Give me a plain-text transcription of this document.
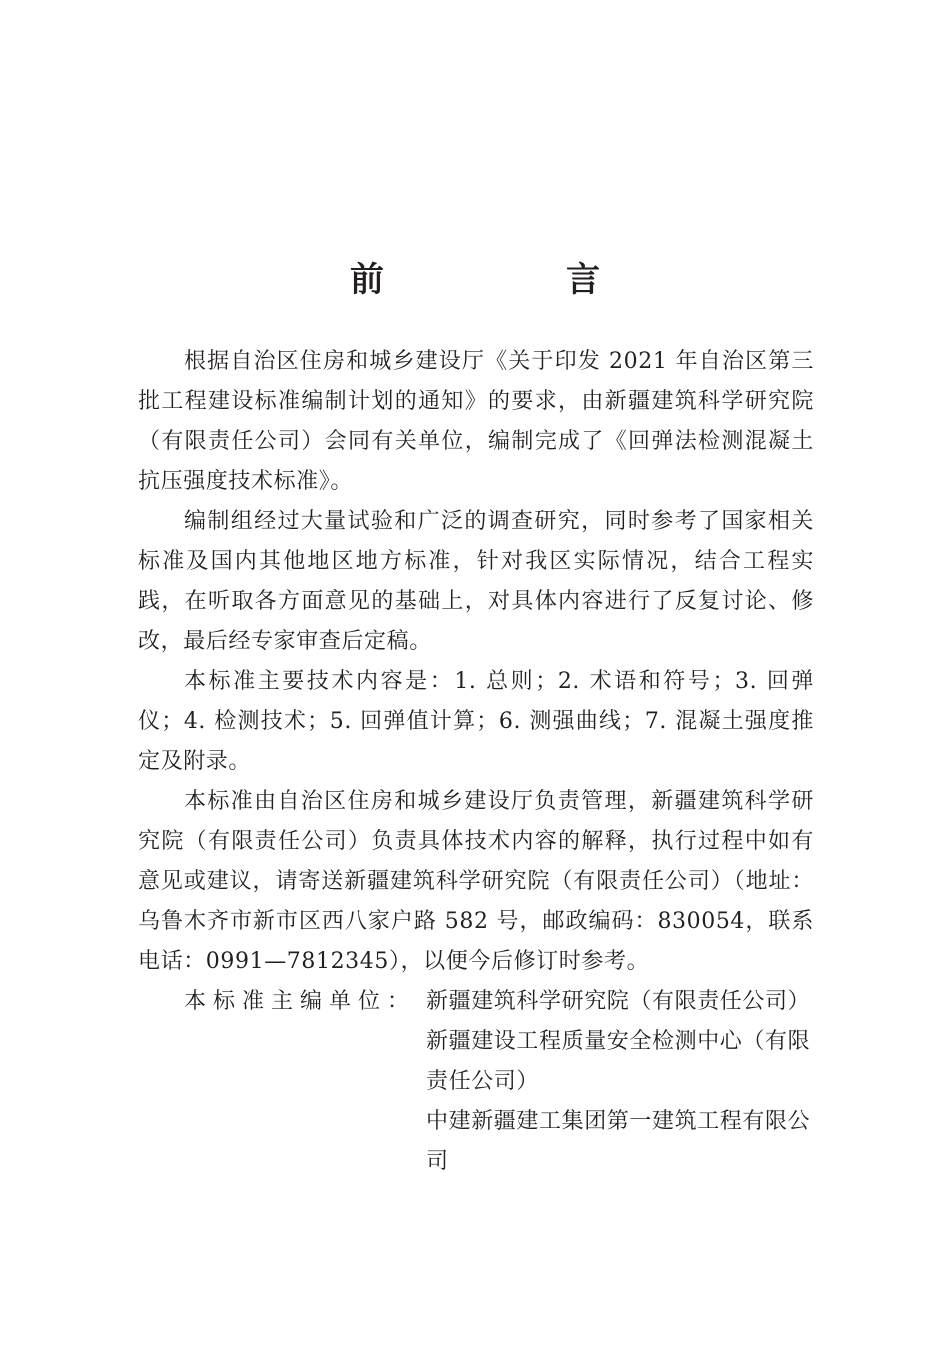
前　言

根据自治区住房和城乡建设厅《关于印发 2021 年自治区第三批工程建设标准编制计划的通知》的要求，由新疆建筑科学研究院（有限责任公司）会同有关单位，编制完成了《回弹法检测混凝土抗压强度技术标准》。

编制组经过大量试验和广泛的调查研究，同时参考了国家相关标准及国内其他地区地方标准，针对我区实际情况，结合工程实践，在听取各方面意见的基础上，对具体内容进行了反复讨论、修改，最后经专家审查后定稿。

本标准主要技术内容是：1. 总则；2. 术语和符号；3. 回弹仪；4. 检测技术；5. 回弹值计算；6. 测强曲线；7. 混凝土强度推定及附录。

本标准由自治区住房和城乡建设厅负责管理，新疆建筑科学研究院（有限责任公司）负责具体技术内容的解释，执行过程中如有意见或建议，请寄送新疆建筑科学研究院（有限责任公司）（地址：乌鲁木齐市新市区西八家户路 582 号，邮政编码：830054，联系电话：0991—7812345），以便今后修订时参考。

本标准主编单位： 新疆建筑科学研究院（有限责任公司）

新疆建设工程质量安全检测中心（有限责任公司）

中建新疆建工集团第一建筑工程有限公司
